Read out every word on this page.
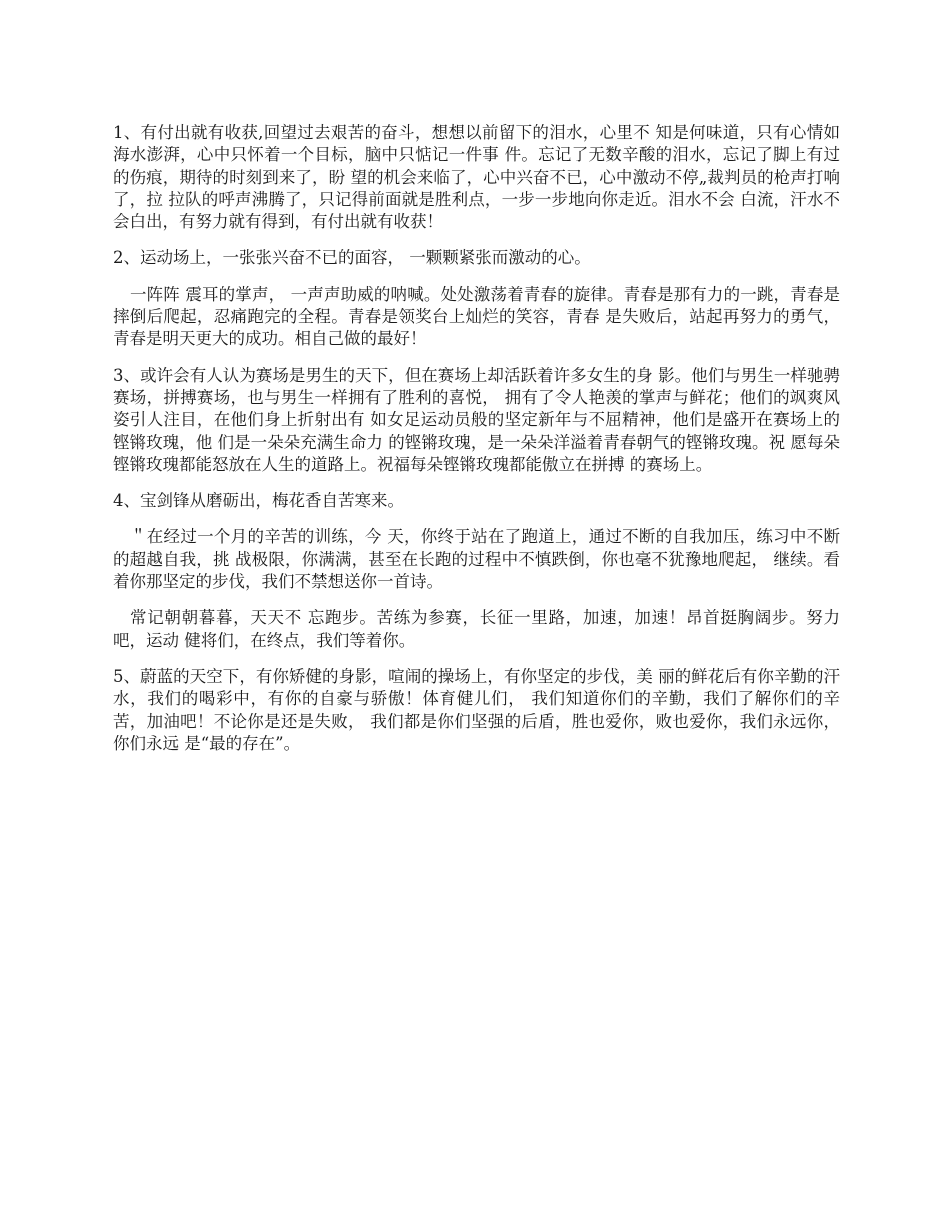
1、有付出就有收获,回望过去艰苦的奋斗，想想以前留下的泪水，心里不 知是何味道，只有心情如海水澎湃，心中只怀着一个目标，脑中只惦记一件事 件。忘记了无数辛酸的泪水，忘记了脚上有过的伤痕，期待的时刻到来了，盼 望的机会来临了，心中兴奋不已，心中激动不停„裁判员的枪声打响了，拉 拉队的呼声沸腾了，只记得前面就是胜利点，一步一步地向你走近。泪水不会 白流，汗水不会白出，有努力就有得到，有付出就有收获！

2、运动场上，一张张兴奋不已的面容， 一颗颗紧张而激动的心。

一阵阵 震耳的掌声， 一声声助威的呐喊。处处激荡着青春的旋律。青春是那有力的一跳，青春是摔倒后爬起，忍痛跑完的全程。青春是领奖台上灿烂的笑容，青春 是失败后，站起再努力的勇气，青春是明天更大的成功。相自己做的最好！

3、或许会有人认为赛场是男生的天下，但在赛场上却活跃着许多女生的身 影。他们与男生一样驰骋赛场，拼搏赛场，也与男生一样拥有了胜利的喜悦， 拥有了令人艳羡的掌声与鲜花；他们的飒爽风姿引人注目，在他们身上折射出有 如女足运动员般的坚定新年与不屈精神，他们是盛开在赛场上的铿锵玫瑰，他 们是一朵朵充满生命力 的铿锵玫瑰，是一朵朵洋溢着青春朝气的铿锵玫瑰。祝 愿每朵铿锵玫瑰都能怒放在人生的道路上。祝福每朵铿锵玫瑰都能傲立在拼搏 的赛场上。

4、宝剑锋从磨砺出，梅花香自苦寒来。

＂在经过一个月的辛苦的训练，今 天，你终于站在了跑道上，通过不断的自我加压，练习中不断的超越自我，挑 战极限，你满满，甚至在长跑的过程中不慎跌倒，你也毫不犹豫地爬起， 继续。看着你那坚定的步伐，我们不禁想送你一首诗。

常记朝朝暮暮，天天不 忘跑步。苦练为参赛，长征一里路，加速，加速！昂首挺胸阔步。努力吧，运动 健将们，在终点，我们等着你。

5、蔚蓝的天空下，有你矫健的身影，喧闹的操场上，有你坚定的步伐，美 丽的鲜花后有你辛勤的汗水，我们的喝彩中，有你的自豪与骄傲！体育健儿们， 我们知道你们的辛勤，我们了解你们的辛苦，加油吧！不论你是还是失败， 我们都是你们坚强的后盾，胜也爱你，败也爱你，我们永远你，你们永远 是“最的存在”。
